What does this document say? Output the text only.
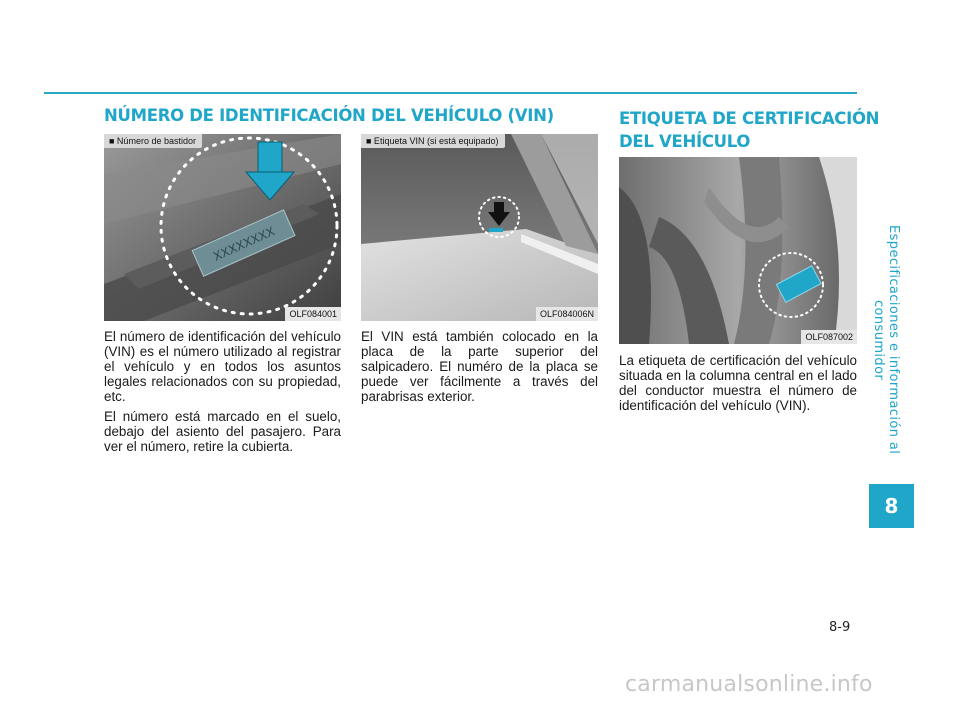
NÚMERO DE IDENTIFICACIÓN DEL VEHÍCULO (VIN)	ETIQUETA DE CERTIFICACIÓN
DEL VEHÍCULO
XXXXXXXX
■ Número de bastidor
OLF084001
■ Etiqueta VIN (si está equipado)
OLF084006N
OLF087002

El número de identificación del vehículo (VIN) es el número utilizado al registrar el vehículo y en todos los asuntos legales relacionados con su propiedad, etc.

El número está marcado en el suelo, debajo del asiento del pasajero. Para ver el número, retire la cubierta.

El VIN está también colocado en la placa de la parte superior del salpicadero. El numéro de la placa se puede ver fácilmente a través del parabrisas exterior.

La etiqueta de certificación del vehículo situada en la columna central en el lado del conductor muestra el número de identificación del vehículo (VIN).	Especificaciones e información al consumidor
8
8-9
carmanualsonline.info
